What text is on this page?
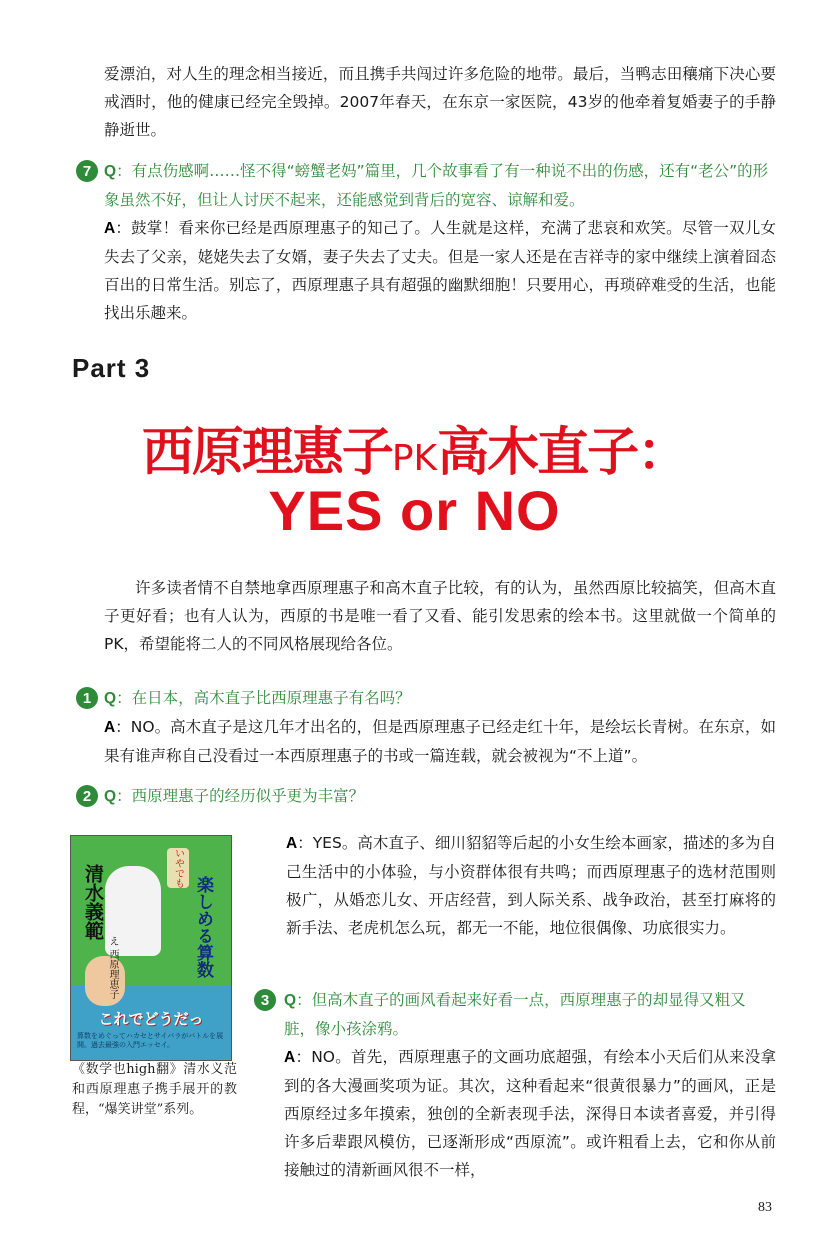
爱漂泊，对人生的理念相当接近，而且携手共闯过许多危险的地带。最后，当鸭志田穰痛下决心要戒酒时，他的健康已经完全毁掉。2007年春天，在东京一家医院，43岁的他牵着复婚妻子的手静静逝世。
7 Q：有点伤感啊……怪不得“螃蟹老妈”篇里，几个故事看了有一种说不出的伤感，还有“老公”的形象虽然不好，但让人讨厌不起来，还能感觉到背后的宽容、谅解和爱。
A：鼓掌！看来你已经是西原理惠子的知己了。人生就是这样，充满了悲哀和欢笑。尽管一双儿女失去了父亲，姥姥失去了女婿，妻子失去了丈夫。但是一家人还是在吉祥寺的家中继续上演着囧态百出的日常生活。别忘了，西原理惠子具有超强的幽默细胞！只要用心，再琐碎难受的生活，也能找出乐趣来。
Part 3
西原理惠子PK高木直子：
YES or NO
许多读者情不自禁地拿西原理惠子和高木直子比较，有的认为，虽然西原比较搞笑，但高木直子更好看；也有人认为，西原的书是唯一看了又看、能引发思索的绘本书。这里就做一个简单的PK，希望能将二人的不同风格展现给各位。
1 Q：在日本，高木直子比西原理惠子有名吗？
A：NO。高木直子是这几年才出名的，但是西原理惠子已经走红十年，是绘坛长青树。在东京，如果有谁声称自己没看过一本西原理惠子的书或一篇连载，就会被视为“不上道”。
2 Q：西原理惠子的经历似乎更为丰富？
A：YES。高木直子、细川貂貂等后起的小女生绘本画家，描述的多为自己生活中的小体验，与小资群体很有共鸣；而西原理惠子的选材范围则极广，从婚恋儿女、开店经营，到人际关系、战争政治，甚至打麻将的新手法、老虎机怎么玩，都无一不能，地位很偶像、功底很实力。
3 Q：但高木直子的画风看起来好看一点，西原理惠子的却显得又粗又脏，像小孩涂鸦。
A：NO。首先，西原理惠子的文画功底超强，有绘本小天后们从来没拿到的各大漫画奖项为证。其次，这种看起来“很黄很暴力”的画风，正是西原经过多年摸索，独创的全新表现手法，深得日本读者喜爱，并引得许多后辈跟风模仿，已逐渐形成“西原流”。或许粗看上去，它和你从前接触过的清新画风很不一样，
清水義範
え 西原理恵子
いやでも
楽しめる算数
これでどうだっ
算数をめぐってハカセとサイバラがバトルを展開。過去最強の入門エッセイ。
《数学也high翻》清水义范和西原理惠子携手展开的教程，“爆笑讲堂”系列。
83
